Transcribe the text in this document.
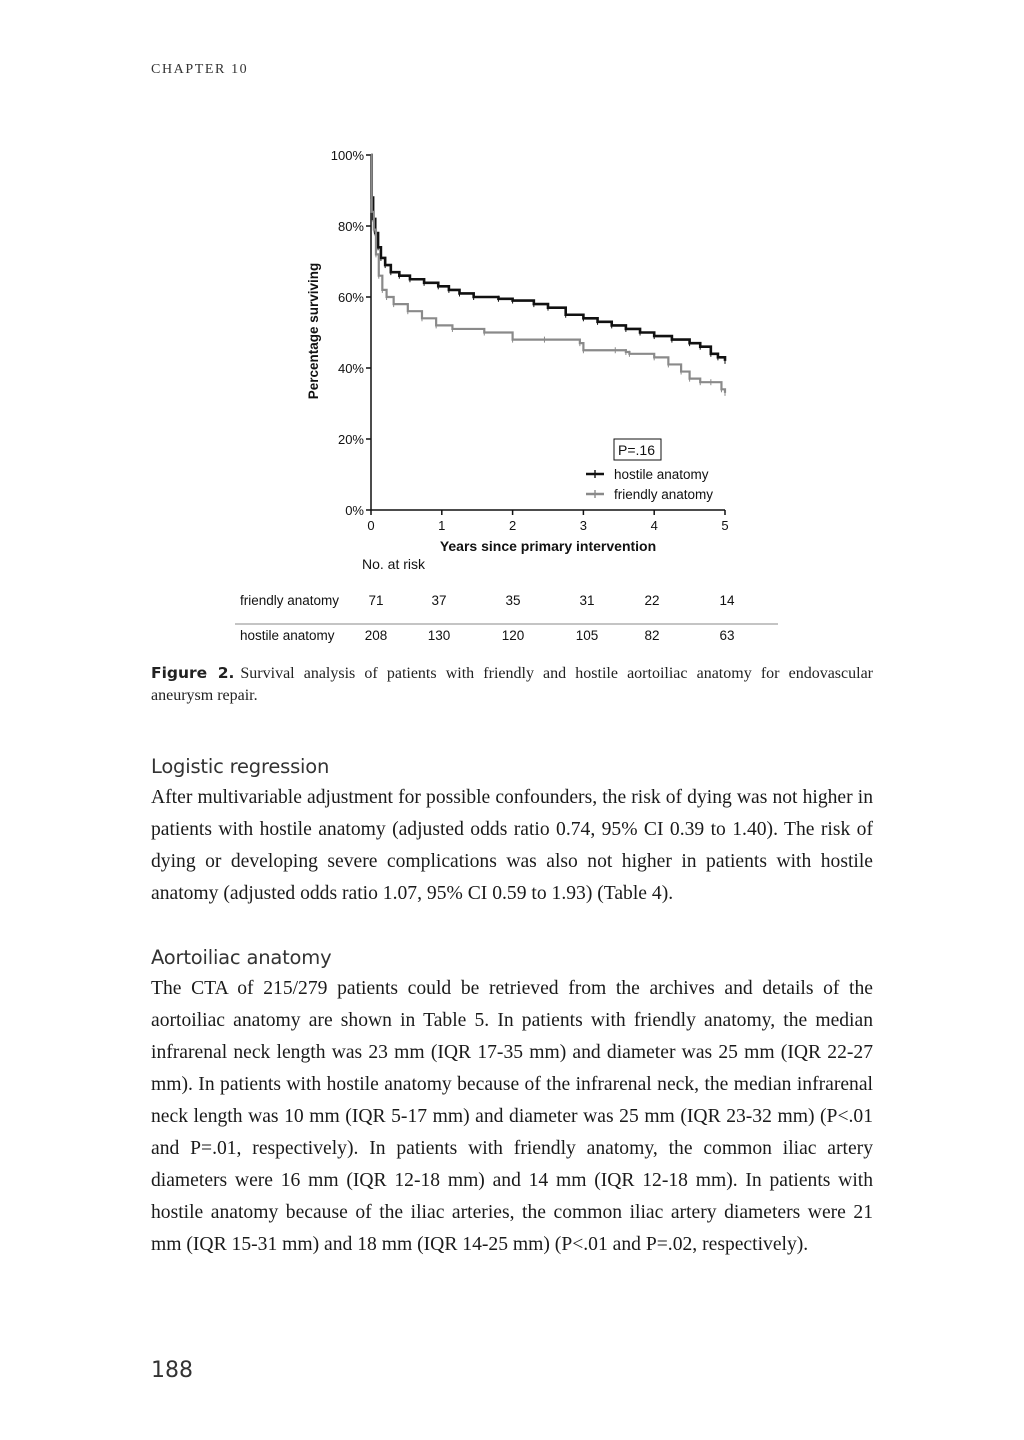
CHAPTER 10
0%
20%
40%
60%
80%
100%
0	1	2	3	4	5
hostile anatomy
friendly anatomy
Years since primary intervention
Percentage surviving
P=.16
No. at risk
friendly anatomy 71	37	35	31	22	14
hostile anatomy 208	130	120	105	82	63
Figure 2. Survival analysis of patients with friendly and hostile aortoiliac anatomy for endovascular aneurysm repair.
Logistic regression

After multivariable adjustment for possible confounders, the risk of dying was not higher in patients with hostile anatomy (adjusted odds ratio 0.74, 95% CI 0.39 to 1.40). The risk of dying or developing severe complications was also not higher in patients with hostile anatomy (adjusted odds ratio 1.07, 95% CI 0.59 to 1.93) (Table 4).

Aortoiliac anatomy

The CTA of 215/279 patients could be retrieved from the archives and details of the aortoiliac anatomy are shown in Table 5. In patients with friendly anatomy, the median infrarenal neck length was 23 mm (IQR 17-35 mm) and diameter was 25 mm (IQR 22-27 mm). In patients with hostile anatomy because of the infrarenal neck, the median infrarenal neck length was 10 mm (IQR 5-17 mm) and diameter was 25 mm (IQR 23-32 mm) (P<.01 and P=.01, respectively). In patients with friendly anatomy, the common iliac artery diameters were 16 mm (IQR 12-18 mm) and 14 mm (IQR 12-18 mm). In patients with hostile anatomy because of the iliac arteries, the common iliac artery diameters were 21 mm (IQR 15-31 mm) and 18 mm (IQR 14-25 mm) (P<.01 and P=.02, respectively).

188
